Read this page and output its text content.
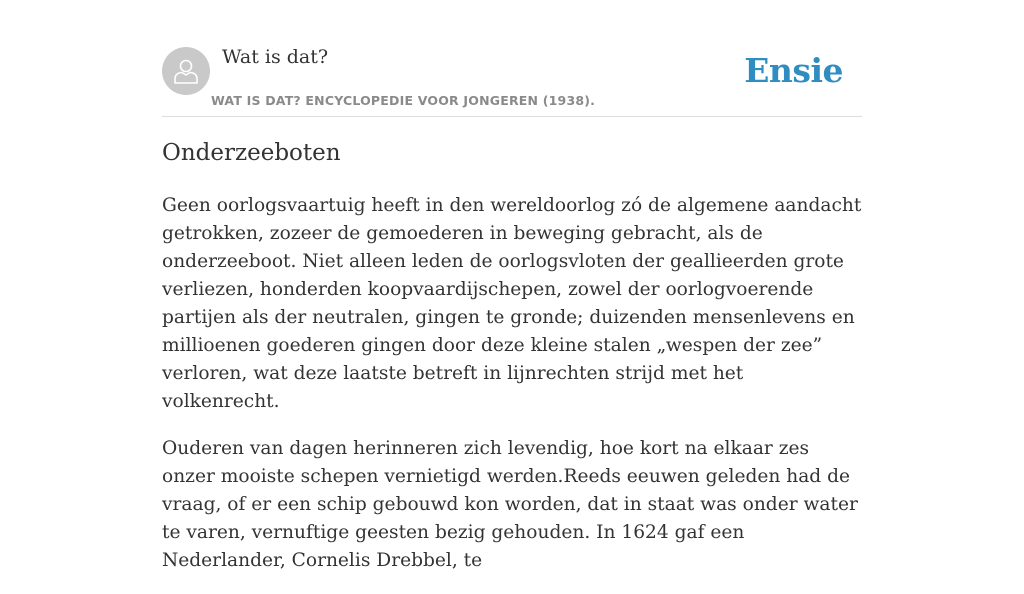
Wat is dat?
WAT IS DAT? ENCYCLOPEDIE VOOR JONGEREN (1938).
Ensie
Onderzeeboten

Geen oorlogsvaartuig heeft in den wereldoorlog zó de algemene aandacht getrokken, zozeer de gemoederen in beweging gebracht, als de onderzeeboot. Niet alleen leden de oorlogsvloten der geallieerden grote verliezen, honderden koopvaardijschepen, zowel der oorlogvoerende partijen als der neutralen, gingen te gronde; duizenden mensenlevens en millioenen goederen gingen door deze kleine stalen „wespen der zee” verloren, wat deze laatste betreft in lijnrechten strijd met het volkenrecht.

Ouderen van dagen herinneren zich levendig, hoe kort na elkaar zes onzer mooiste schepen vernietigd werden.Reeds eeuwen geleden had de vraag, of er een schip gebouwd kon worden, dat in staat was onder water te varen, vernuftige geesten bezig gehouden. In 1624 gaf een Nederlander, Cornelis Drebbel, te
